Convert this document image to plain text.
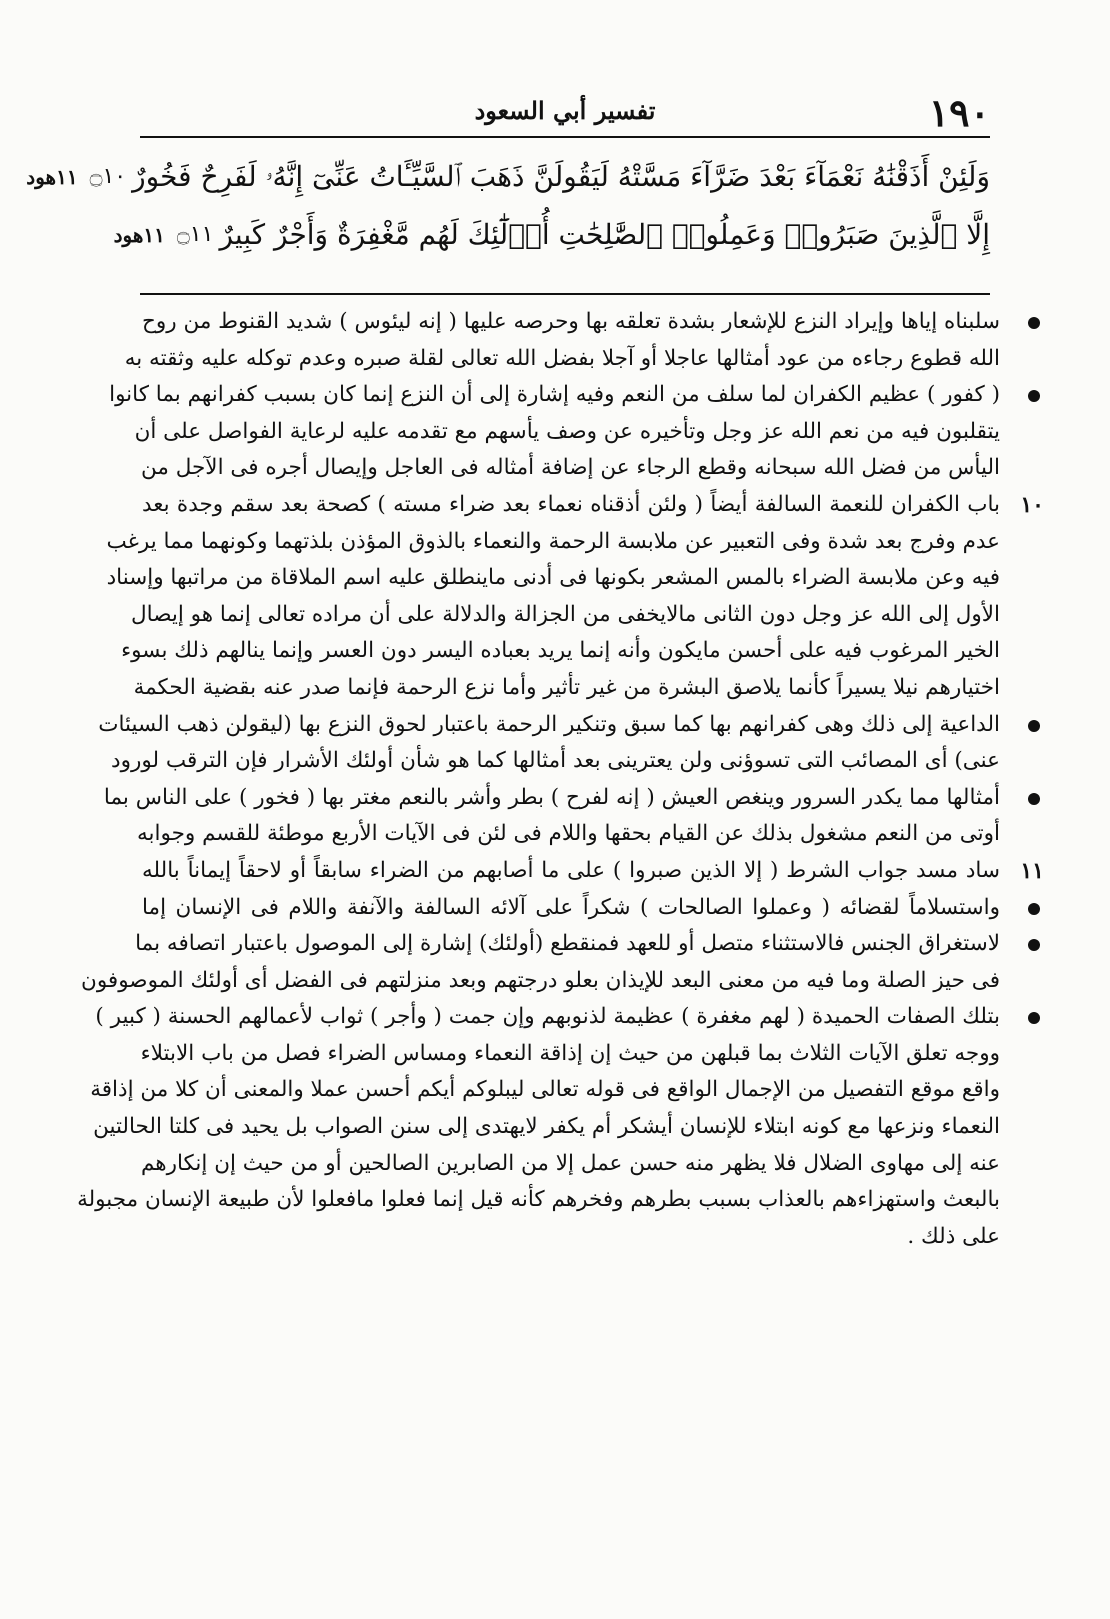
تفسير أبي السعود	١٩٠
وَلَئِنْ أَذَقْنَٰهُ نَعْمَآءَ بَعْدَ ضَرَّآءَ مَسَّتْهُ لَيَقُولَنَّ ذَهَبَ ٱلسَّيِّـَٔاتُ عَنِّىٓ إِنَّهُۥ لَفَرِحٌ فَخُورٌ
۝١٠
١١هود
إِلَّا ٱلَّذِينَ صَبَرُوا۟ وَعَمِلُوا۟ ٱلصَّٰلِحَٰتِ أُو۟لَٰٓئِكَ لَهُم مَّغْفِرَةٌ وَأَجْرٌ كَبِيرٌ
۝١١
١١هود
سلبناه إياها وإيراد النزع للإشعار بشدة تعلقه بها وحرصه عليها ( إنه ليئوس ) شديد القنوط من روح
الله قطوع رجاءه من عود أمثالها عاجلا أو آجلا بفضل الله تعالى لقلة صبره وعدم توكله عليه وثقته به
( كفور ) عظيم الكفران لما سلف من النعم وفيه إشارة إلى أن النزع إنما كان بسبب كفرانهم بما كانوا
يتقلبون فيه من نعم الله عز وجل وتأخيره عن وصف يأسهم مع تقدمه عليه لرعاية الفواصل على أن
اليأس من فضل الله سبحانه وقطع الرجاء عن إضافة أمثاله فى العاجل وإيصال أجره فى الآجل من
١٠
باب الكفران للنعمة السالفة أيضاً ( ولئن أذقناه نعماء بعد ضراء مسته ) كصحة بعد سقم وجدة بعد
عدم وفرج بعد شدة وفى التعبير عن ملابسة الرحمة والنعماء بالذوق المؤذن بلذتهما وكونهما مما يرغب
فيه وعن ملابسة الضراء بالمس المشعر بكونها فى أدنى ماينطلق عليه اسم الملاقاة من مراتبها وإسناد
الأول إلى الله عز وجل دون الثانى مالايخفى من الجزالة والدلالة على أن مراده تعالى إنما هو إيصال
الخير المرغوب فيه على أحسن مايكون وأنه إنما يريد بعباده اليسر دون العسر وإنما ينالهم ذلك بسوء
اختيارهم نيلا يسيراً كأنما يلاصق البشرة من غير تأثير وأما نزع الرحمة فإنما صدر عنه بقضية الحكمة
الداعية إلى ذلك وهى كفرانهم بها كما سبق وتنكير الرحمة باعتبار لحوق النزع بها (ليقولن ذهب السيئات
عنى) أى المصائب التى تسوؤنى ولن يعترينى بعد أمثالها كما هو شأن أولئك الأشرار فإن الترقب لورود
أمثالها مما يكدر السرور وينغص العيش ( إنه لفرح ) بطر وأشر بالنعم مغتر بها ( فخور ) على الناس بما
أوتى من النعم مشغول بذلك عن القيام بحقها واللام فى لئن فى الآيات الأربع موطئة للقسم وجوابه
١١
ساد مسد جواب الشرط ( إلا الذين صبروا ) على ما أصابهم من الضراء سابقاً أو لاحقاً إيماناً بالله
واستسلاماً لقضائه ( وعملوا الصالحات ) شكراً على آلائه السالفة والآنفة واللام فى الإنسان إما
لاستغراق الجنس فالاستثناء متصل أو للعهد فمنقطع (أولئك) إشارة إلى الموصول باعتبار اتصافه بما
فى حيز الصلة وما فيه من معنى البعد للإيذان بعلو درجتهم وبعد منزلتهم فى الفضل أى أولئك الموصوفون
بتلك الصفات الحميدة ( لهم مغفرة ) عظيمة لذنوبهم وإن جمت ( وأجر ) ثواب لأعمالهم الحسنة ( كبير )
ووجه تعلق الآيات الثلاث بما قبلهن من حيث إن إذاقة النعماء ومساس الضراء فصل من باب الابتلاء
واقع موقع التفصيل من الإجمال الواقع فى قوله تعالى ليبلوكم أيكم أحسن عملا والمعنى أن كلا من إذاقة
النعماء ونزعها مع كونه ابتلاء للإنسان أيشكر أم يكفر لايهتدى إلى سنن الصواب بل يحيد فى كلتا الحالتين
عنه إلى مهاوى الضلال فلا يظهر منه حسن عمل إلا من الصابرين الصالحين أو من حيث إن إنكارهم
بالبعث واستهزاءهم بالعذاب بسبب بطرهم وفخرهم كأنه قيل إنما فعلوا مافعلوا لأن طبيعة الإنسان مجبولة
على ذلك .
